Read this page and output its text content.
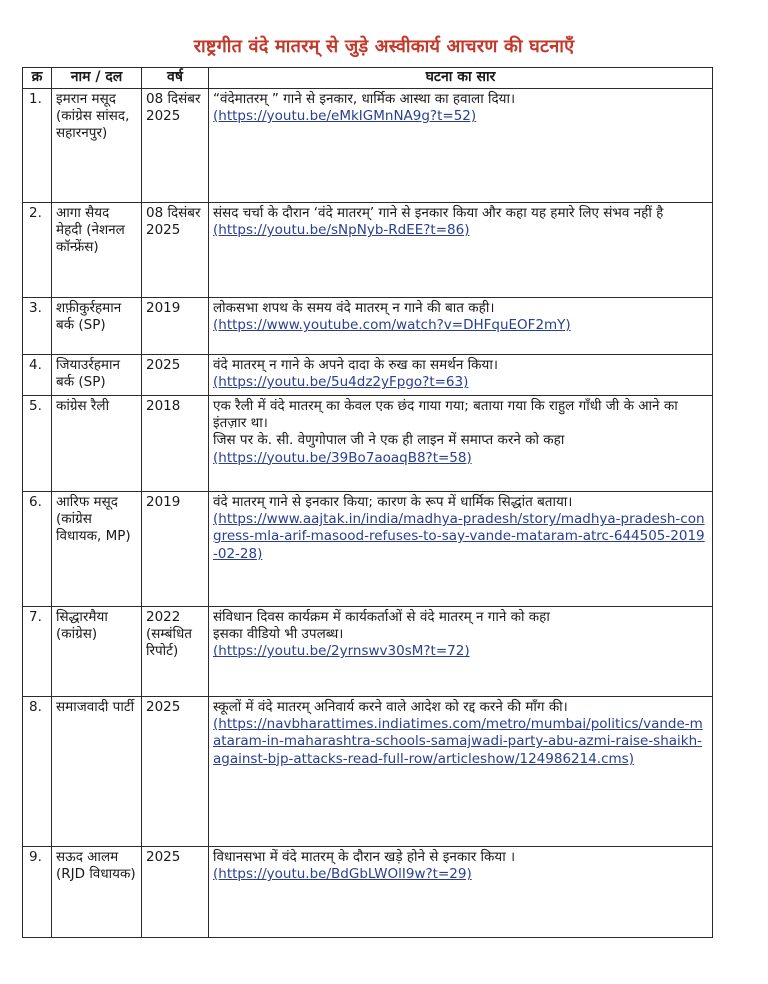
राष्ट्रगीत वंदे मातरम् से जुड़े अस्वीकार्य आचरण की घटनाएँ
क्र	नाम / दल	वर्ष	घटना का सार
1.	इमरान मसूद (कांग्रेस सांसद, सहारनपुर)	08 दिसंबर 2025	“वंदेमातरम् ” गाने से इनकार, धार्मिक आस्था का हवाला दिया।
(https://youtu.be/eMkIGMnNA9g?t=52)

2.	आगा सैयद मेहदी (नेशनल कॉन्फ्रेंस)	08 दिसंबर 2025	संसद चर्चा के दौरान ‘वंदे मातरम्’ गाने से इनकार किया और कहा यह हमारे लिए संभव नहीं है
(https://youtu.be/sNpNyb-RdEE?t=86)

3.	शफ़ीकुर्रहमान बर्क (SP)	2019	लोकसभा शपथ के समय वंदे मातरम् न गाने की बात कही।
(https://www.youtube.com/watch?v=DHFquEOF2mY)

4.	जियाउर्रहमान बर्क (SP)	2025	वंदे मातरम् न गाने के अपने दादा के रुख का समर्थन किया।
(https://youtu.be/5u4dz2yFpgo?t=63)

5.	कांग्रेस रैली	2018	एक रैली में वंदे मातरम् का केवल एक छंद गाया गया; बताया गया कि राहुल गाँधी जी के आने का इंतज़ार था।
जिस पर के. सी. वेणुगोपाल जी ने एक ही लाइन में समाप्त करने को कहा
(https://youtu.be/39Bo7aoaqB8?t=58)

6.	आरिफ मसूद (कांग्रेस विधायक, MP)	2019	वंदे मातरम् गाने से इनकार किया; कारण के रूप में धार्मिक सिद्धांत बताया।
(https://www.aajtak.in/india/madhya-pradesh/story/madhya-pradesh-congress-mla-arif-masood-refuses-to-say-vande-mataram-atrc-644505-2019-02-28)

7.	सिद्धारमैया (कांग्रेस)	2022 (सम्बंधित रिपोर्ट)	संविधान दिवस कार्यक्रम में कार्यकर्ताओं से वंदे मातरम् न गाने को कहा
इसका वीडियो भी उपलब्ध।
(https://youtu.be/2yrnswv30sM?t=72)

8.	समाजवादी पार्टी	2025	स्कूलों में वंदे मातरम् अनिवार्य करने वाले आदेश को रद्द करने की माँग की।
(https://navbharattimes.indiatimes.com/metro/mumbai/politics/vande-mataram-in-maharashtra-schools-samajwadi-party-abu-azmi-raise-shaikh-against-bjp-attacks-read-full-row/articleshow/124986214.cms)

9.	सऊद आलम (RJD विधायक)	2025	विधानसभा में वंदे मातरम् के दौरान खड़े होने से इनकार किया ।
(https://youtu.be/BdGbLWOlI9w?t=29)
